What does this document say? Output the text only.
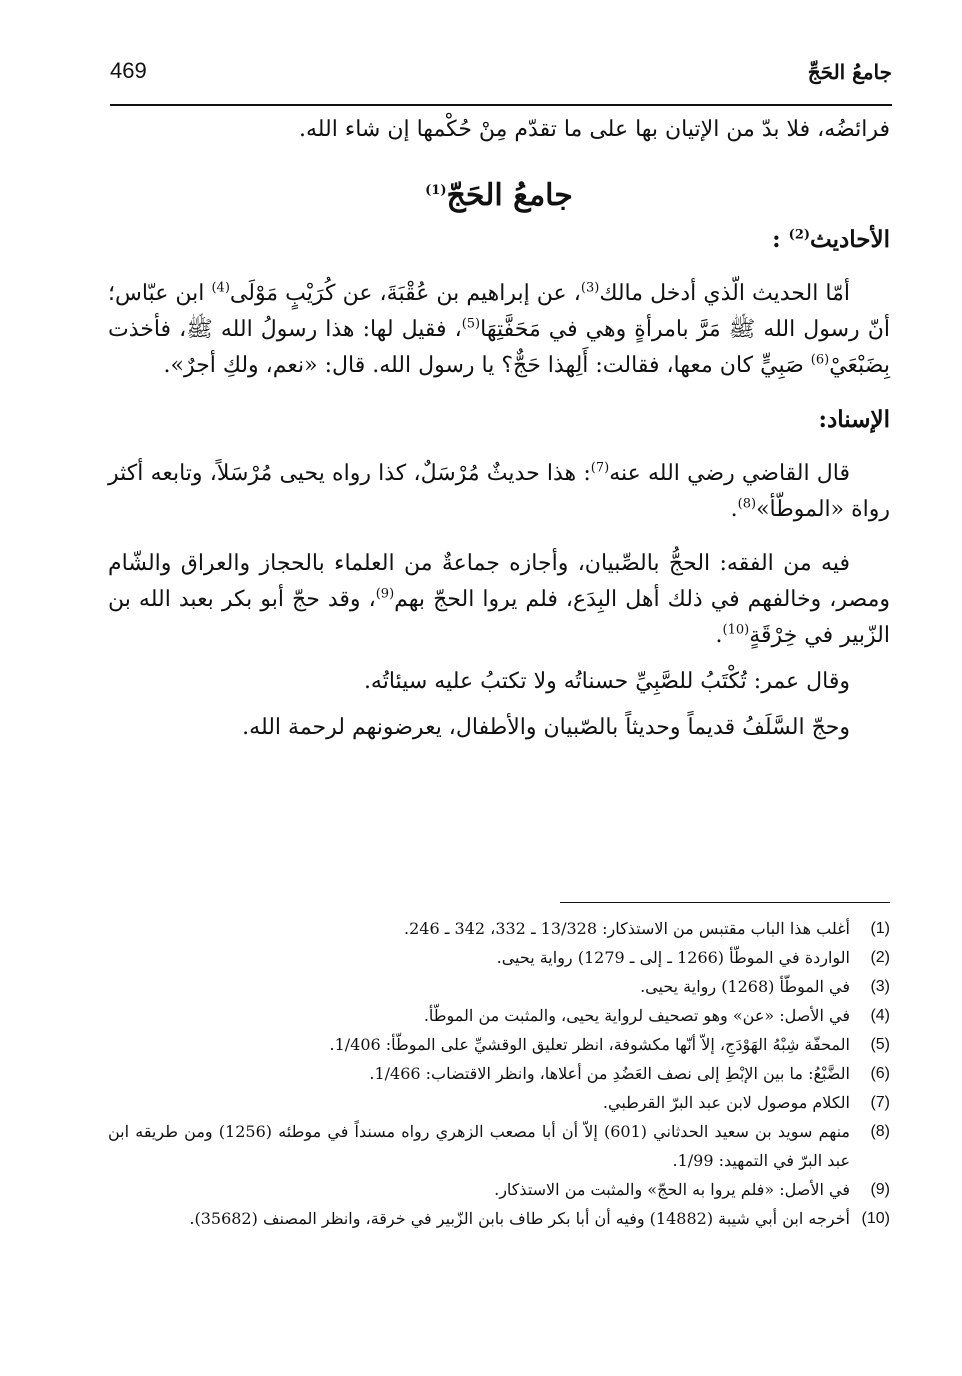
جامعُ الحَجِّ
469

فرائضُه، فلا بدّ من الإتيان بها على ما تقدّم مِنْ حُكْمها إن شاء الله.

جامعُ الحَجّ$^{(1)}$

الأحاديث$^{(2)}$ :

أمّا الحديث الّذي أدخل مالك$^{(3)}$، عن إبراهيم بن عُقْبَةَ، عن كُرَيْبٍ مَوْلَى$^{(4)}$ ابن عبّاس؛ أنّ رسول الله ﷺ مَرَّ بامرأةٍ وهي في مَحَفَّتِهَا$^{(5)}$، فقيل لها: هذا رسولُ الله ﷺ، فأخذت بِضَبْعَيْ$^{(6)}$ صَبِيٍّ كان معها، فقالت: أَلِهذا حَجٌّ؟ يا رسول الله. قال: «نعم، ولكِ أجرٌ».

الإسناد:

قال القاضي رضي الله عنه$^{(7)}$: هذا حديثٌ مُرْسَلٌ، كذا رواه يحيى مُرْسَلاً، وتابعه أكثر رواة «الموطّأ»$^{(8)}$.

فيه من الفقه: الحجُّ بالصِّبيان، وأجازه جماعةٌ من العلماء بالحجاز والعراق والشّام ومصر، وخالفهم في ذلك أهل البِدَع، فلم يروا الحجّ بهم$^{(9)}$، وقد حجّ أبو بكر بعبد الله بن الزّبير في خِرْقَةٍ$^{(10)}$.

وقال عمر: تُكْتَبُ للصَّبِيِّ حسناتُه ولا تكتبُ عليه سيئاتُه.

وحجّ السَّلَفُ قديماً وحديثاً بالصّبيان والأطفال، يعرضونهم لرحمة الله.

(1)
أغلب هذا الباب مقتبس من الاستذكار: 13/328 ـ 332، 342 ـ 246.
(2)
الواردة في الموطّأ (1266 ـ إلى ـ 1279) رواية يحيى.
(3)
في الموطّأ (1268) رواية يحيى.
(4)
في الأصل: «عن» وهو تصحيف لرواية يحيى، والمثبت من الموطّأ.
(5)
المحفّة شِبْهُ الهَوْدَجِ، إلاّ أنّها مكشوفة، انظر تعليق الوقشيِّ على الموطّأ: 1/406.
(6)
الضَّبْعُ: ما بين الإبْطِ إلى نصف العَضُدِ من أعلاها، وانظر الاقتضاب: 1/466.
(7)
الكلام موصول لابن عبد البرّ القرطبي.
(8)
منهم سويد بن سعيد الحدثاني (601) إلاّ أن أبا مصعب الزهري رواه مسنداً في موطئه (1256) ومن طريقه ابن عبد البرّ في التمهيد: 1/99.
(9)
في الأصل: «فلم يروا به الحجّ» والمثبت من الاستذكار.
(10)
أخرجه ابن أبي شيبة (14882) وفيه أن أبا بكر طاف بابن الزّبير في خرقة، وانظر المصنف (35682).
